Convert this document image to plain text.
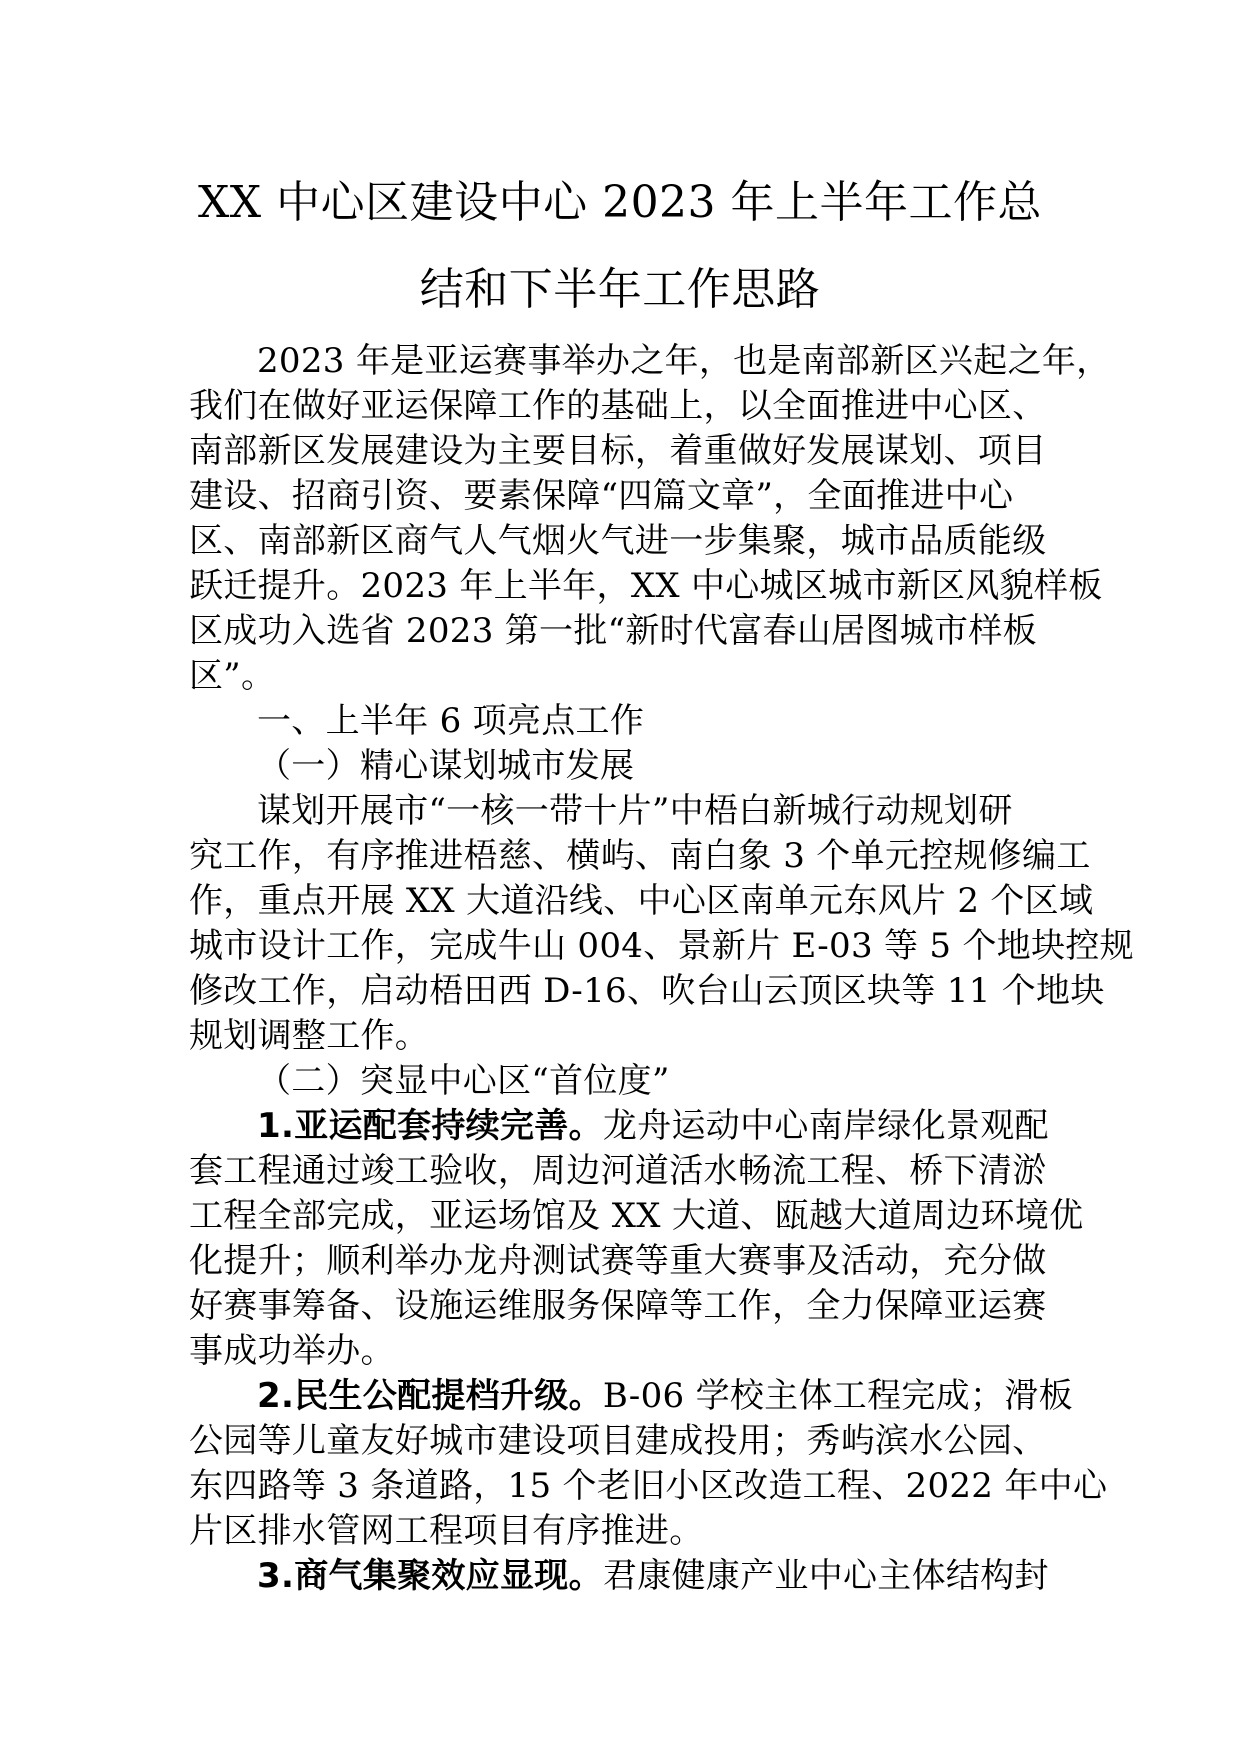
XX 中心区建设中心 2023 年上半年工作总
结和下半年工作思路
2023 年是亚运赛事举办之年，也是南部新区兴起之年，
我们在做好亚运保障工作的基础上，以全面推进中心区、
南部新区发展建设为主要目标，着重做好发展谋划、项目
建设、招商引资、要素保障“四篇文章”，全面推进中心
区、南部新区商气人气烟火气进一步集聚，城市品质能级
跃迁提升。2023 年上半年，XX 中心城区城市新区风貌样板
区成功入选省 2023 第一批“新时代富春山居图城市样板
区”。
一、上半年 6 项亮点工作
（一）精心谋划城市发展
谋划开展市“一核一带十片”中梧白新城行动规划研
究工作，有序推进梧慈、横屿、南白象 3 个单元控规修编工
作，重点开展 XX 大道沿线、中心区南单元东风片 2 个区域
城市设计工作，完成牛山 004、景新片 E-03 等 5 个地块控规
修改工作，启动梧田西 D-16、吹台山云顶区块等 11 个地块
规划调整工作。
（二）突显中心区“首位度”
1.亚运配套持续完善。龙舟运动中心南岸绿化景观配
套工程通过竣工验收，周边河道活水畅流工程、桥下清淤
工程全部完成，亚运场馆及 XX 大道、瓯越大道周边环境优
化提升；顺利举办龙舟测试赛等重大赛事及活动，充分做
好赛事筹备、设施运维服务保障等工作，全力保障亚运赛
事成功举办。
2.民生公配提档升级。B-06 学校主体工程完成；滑板
公园等儿童友好城市建设项目建成投用；秀屿滨水公园、
东四路等 3 条道路，15 个老旧小区改造工程、2022 年中心
片区排水管网工程项目有序推进。
3.商气集聚效应显现。君康健康产业中心主体结构封
